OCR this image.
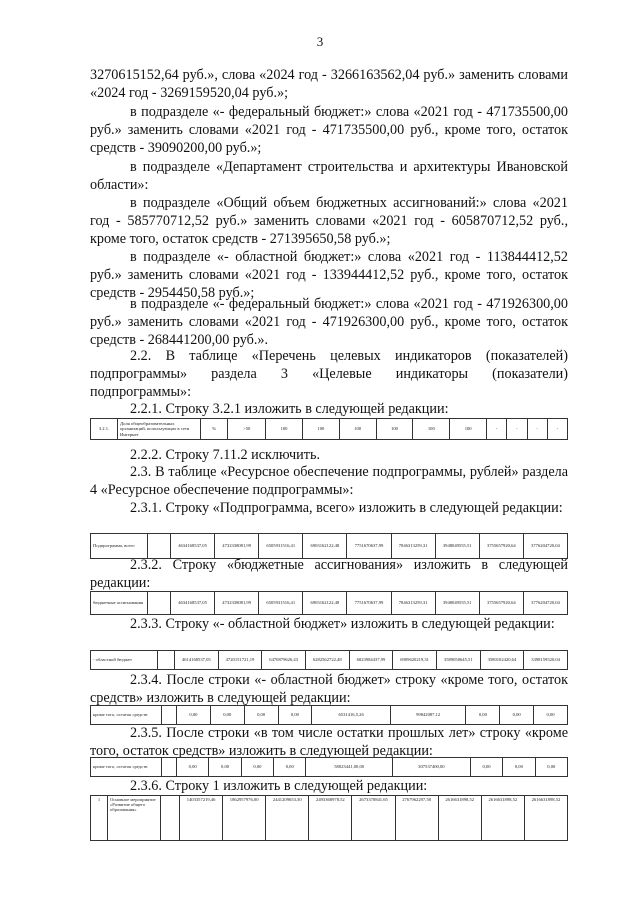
3
3270615152,64 руб.», слова «2024 год - 3266163562,04 руб.» заменить словами «2024 год - 3269159520,04 руб.»;
в подразделе «- федеральный бюджет:» слова «2021 год - 471735500,00 руб.» заменить словами «2021 год - 471735500,00 руб., кроме того, остаток средств - 39090200,00 руб.»;
в подразделе «Департамент строительства и архитектуры Ивановской области»:
в подразделе «Общий объем бюджетных ассигнований:» слова «2021 год - 585770712,52 руб.» заменить словами «2021 год - 605870712,52 руб., кроме того, остаток средств - 271395650,58 руб.»;
в подразделе «- областной бюджет:» слова «2021 год - 113844412,52 руб.» заменить словами «2021 год - 133944412,52 руб., кроме того, остаток средств - 2954450,58 руб.»;
в подразделе «- федеральный бюджет:» слова «2021 год - 471926300,00 руб.» заменить словами «2021 год - 471926300,00 руб., кроме того, остаток средств - 268441200,00 руб.».
2.2. В таблице «Перечень целевых индикаторов (показателей) подпрограммы» раздела 3 «Целевые индикаторы (показатели) подпрограммы»:
2.2.1. Строку 3.2.1 изложить в следующей редакции:
3.2.1.	Доля общеобразовательных организаций, использующих в сети Интернет	%	>50	100	100	100	100	100	100	-	-	-	-
2.2.2. Строку 7.11.2 исключить.
2.3. В таблице «Ресурсное обеспечение подпрограммы, рублей» раздела 4 «Ресурсное обеспечение подпрограммы»:
2.3.1. Строку «Подпрограмма, всего» изложить в следующей редакции:
Подпрограмма, всего		4634168537,05	4732338081,99	6505931516,41	6903162122,48	7751670637,99	7846313259,31	3948049555,51	3755657920,64	3776204720,04
2.3.2. Строку «бюджетные ассигнования» изложить в следующей редакции:
бюджетные ассигнования		4634168537,05	4732338081,99	6505931516,41	6903162122,48	7751670637,99	7846313259,31	3948049555,51	3755657920,64	3776204720,04
2.3.3. Строку «- областной бюджет» изложить в следующей редакции:
- областной бюджет		4614168537,05	4720151721,19	6470879626,43	6282562722,48	6823984437,99	6909620219,31	3589050645,51	3580102420,64	3398159520,04
2.3.4. После строки «- областной бюджет» строку «кроме того, остаток средств» изложить в следующей редакции:
кроме того, остаток средств		0,00	0,00	0,00	0,00	6531416,5,26	99842087,12	0,00	0,00	0,00
2.3.5. После строки «в том числе остатки прошлых лет» строку «кроме того, остаток средств» изложить в следующей редакции:
кроме того, остаток средств		0,00	0,00	0,00	0,00	58023441,00,00	307537400,00	0,00	0,00	0,00
2.3.6. Строку 1 изложить в следующей редакции:
1	Основное мероприятие «Развитие общего образования»		1403357219,46	1862957976,00	2441209653,30	2493368978,52	2673370841,65	2767962297,58	2616631898,52	2616631898,52	2616631898,52
